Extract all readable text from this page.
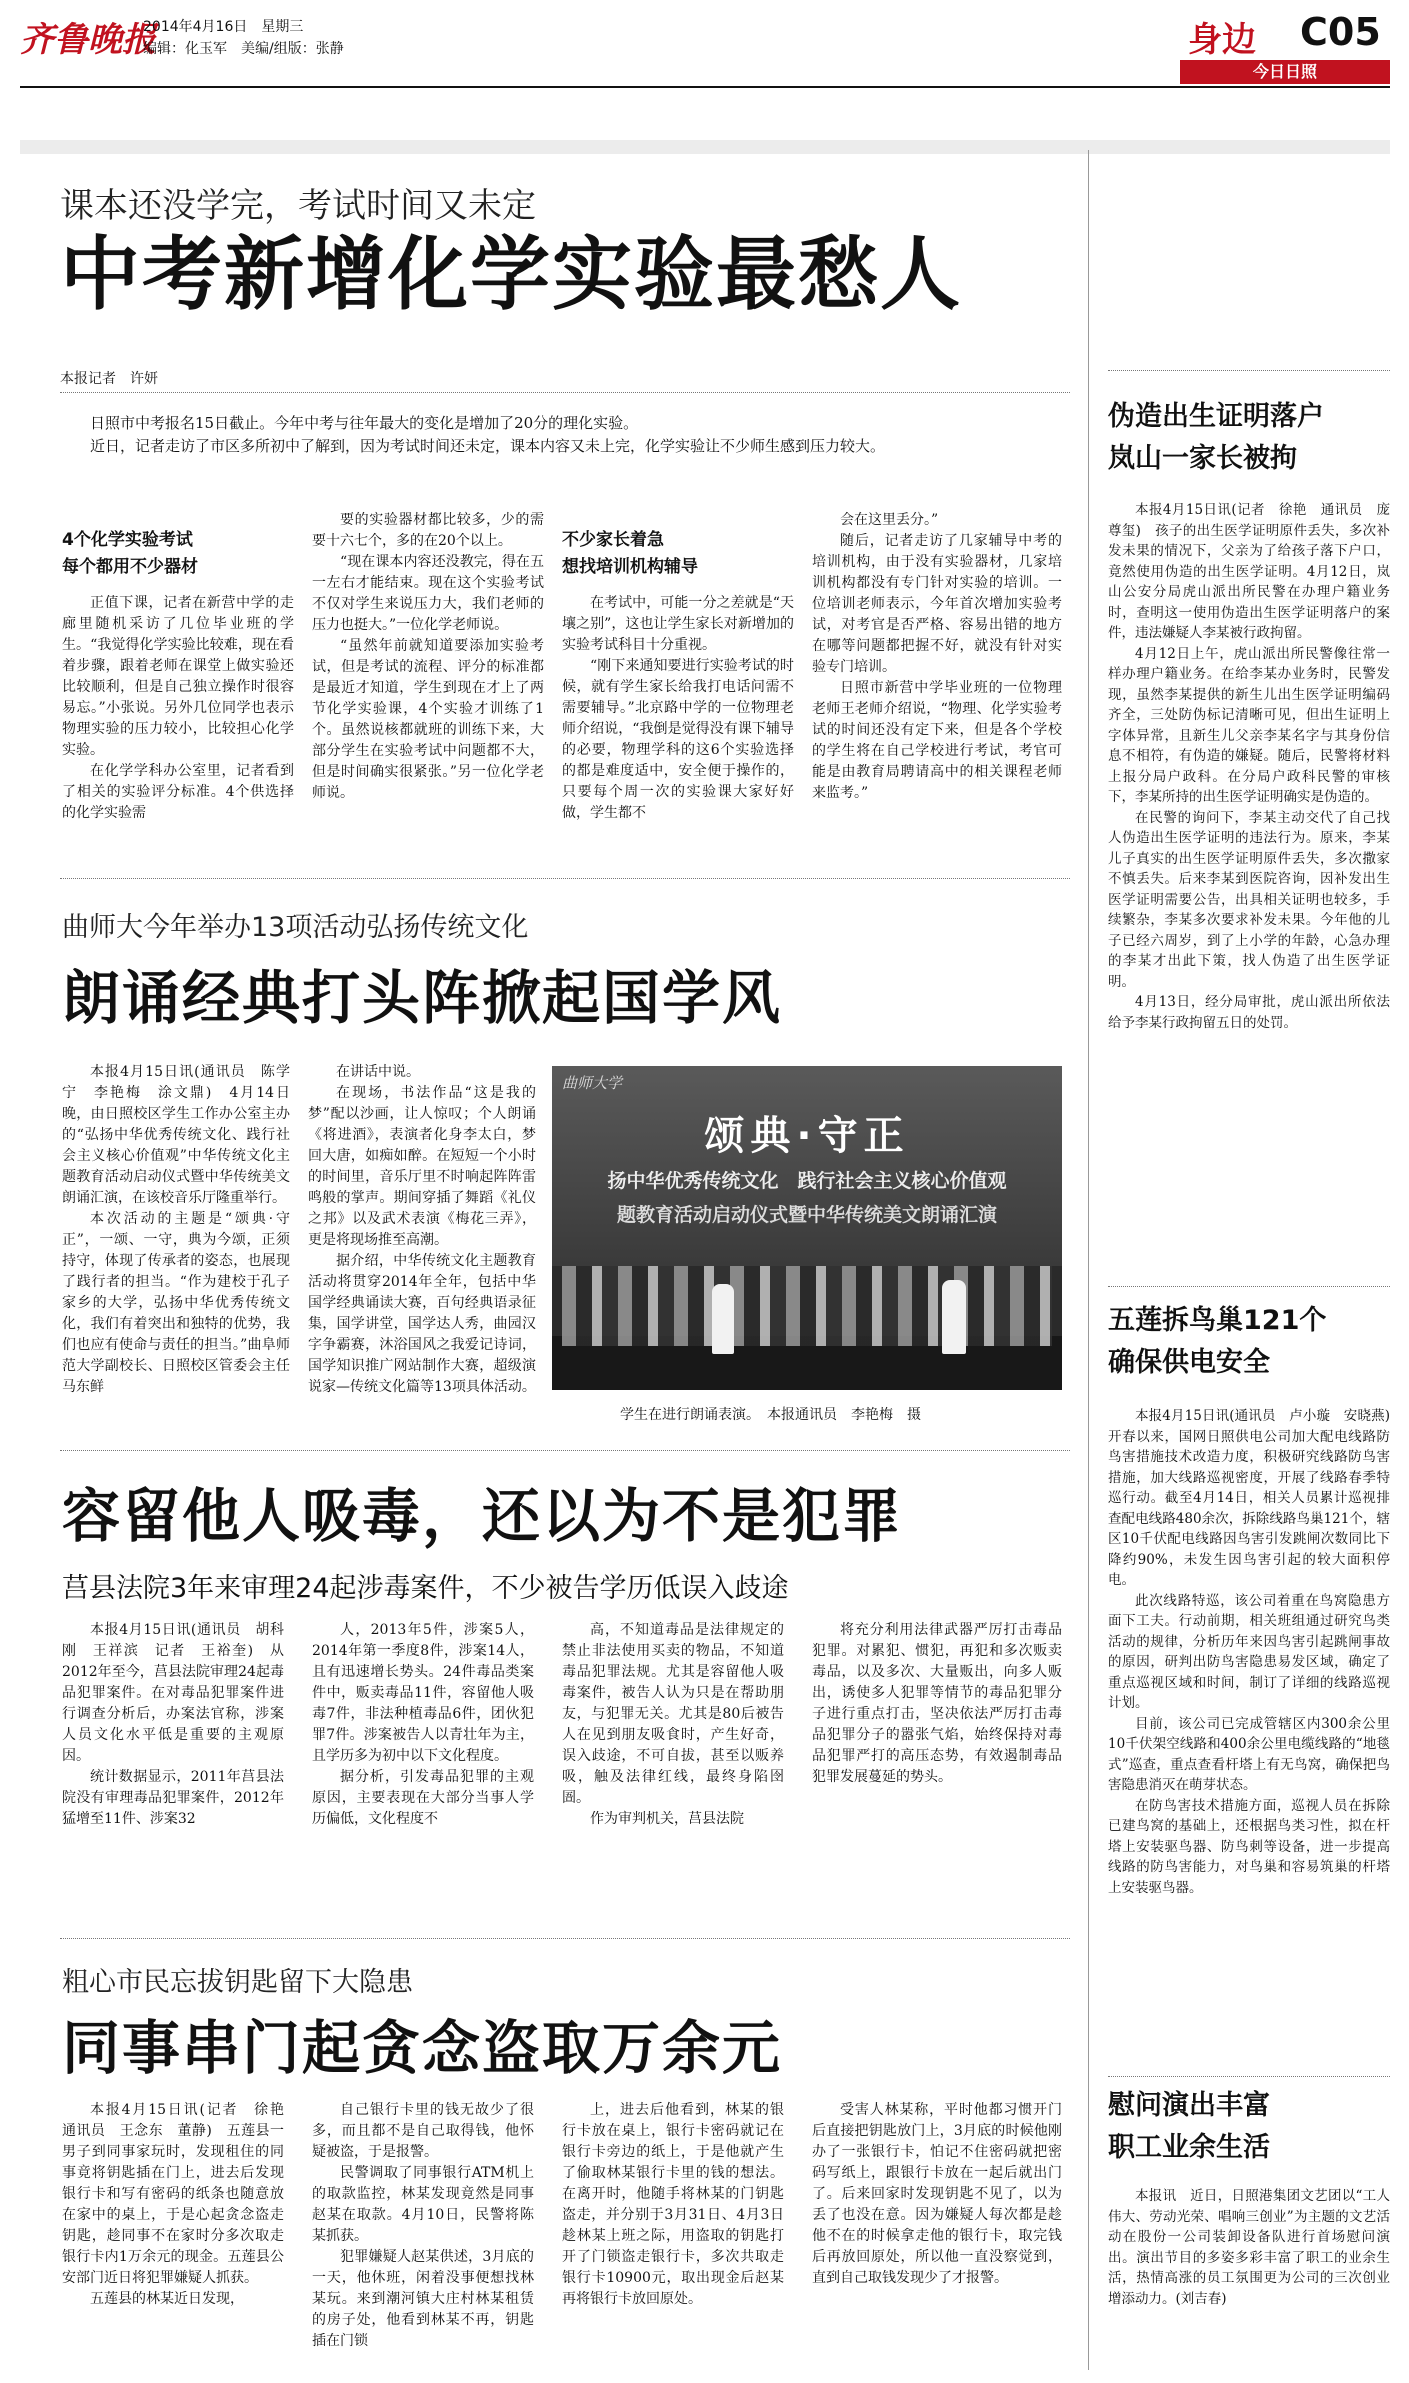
齐鲁晚报
2014年4月16日　星期三
编辑：化玉军　美编/组版：张静	身边 C05
今日日照
课本还没学完，考试时间又未定
中考新增化学实验最愁人
本报记者　许妍

日照市中考报名15日截止。今年中考与往年最大的变化是增加了20分的理化实验。

近日，记者走访了市区多所初中了解到，因为考试时间还未定，课本内容又未上完，化学实验让不少师生感到压力较大。

4个化学实验考试
每个都用不少器材

正值下课，记者在新营中学的走廊里随机采访了几位毕业班的学生。“我觉得化学实验比较难，现在看着步骤，跟着老师在课堂上做实验还比较顺利，但是自己独立操作时很容易忘。”小张说。另外几位同学也表示物理实验的压力较小，比较担心化学实验。

在化学学科办公室里，记者看到了相关的实验评分标准。4个供选择的化学实验需

要的实验器材都比较多，少的需要十六七个，多的在20个以上。

“现在课本内容还没教完，得在五一左右才能结束。现在这个实验考试不仅对学生来说压力大，我们老师的压力也挺大。”一位化学老师说。

“虽然年前就知道要添加实验考试，但是考试的流程、评分的标准都是最近才知道，学生到现在才上了两节化学实验课，4个实验才训练了1个。虽然说核都就班的训练下来，大部分学生在实验考试中问题都不大，但是时间确实很紧张。”另一位化学老师说。

不少家长着急
想找培训机构辅导

在考试中，可能一分之差就是“天壤之别”，这也让学生家长对新增加的实验考试科目十分重视。

“刚下来通知要进行实验考试的时候，就有学生家长给我打电话问需不需要辅导。”北京路中学的一位物理老师介绍说，“我倒是觉得没有课下辅导的必要，物理学科的这6个实验选择的都是难度适中，安全便于操作的，只要每个周一次的实验课大家好好做，学生都不

会在这里丢分。”

随后，记者走访了几家辅导中考的培训机构，由于没有实验器材，几家培训机构都没有专门针对实验的培训。一位培训老师表示，今年首次增加实验考试，对考官是否严格、容易出错的地方在哪等问题都把握不好，就没有针对实验专门培训。

日照市新营中学毕业班的一位物理老师王老师介绍说，“物理、化学实验考试的时间还没有定下来，但是各个学校的学生将在自己学校进行考试，考官可能是由教育局聘请高中的相关课程老师来监考。”

曲师大今年举办13项活动弘扬传统文化
朗诵经典打头阵掀起国学风

本报4月15日讯(通讯员　陈学宁　李艳梅　涂文鼎)　4月14日晚，由日照校区学生工作办公室主办的“弘扬中华优秀传统文化、践行社会主义核心价值观”中华传统文化主题教育活动启动仪式暨中华传统美文朗诵汇演，在该校音乐厅隆重举行。

本次活动的主题是“颂典·守正”，一颂、一守，典为今颂，正须持守，体现了传承者的姿态，也展现了践行者的担当。“作为建校于孔子家乡的大学，弘扬中华优秀传统文化，我们有着突出和独特的优势，我们也应有使命与责任的担当。”曲阜师范大学副校长、日照校区管委会主任马东鲜

在讲话中说。

在现场，书法作品“这是我的梦”配以沙画，让人惊叹；个人朗诵《将进酒》，表演者化身李太白，梦回大唐，如痴如醉。在短短一个小时的时间里，音乐厅里不时响起阵阵雷鸣般的掌声。期间穿插了舞蹈《礼仪之邦》以及武术表演《梅花三弄》，更是将现场推至高潮。

据介绍，中华传统文化主题教育活动将贯穿2014年全年，包括中华国学经典诵读大赛，百句经典语录征集，国学讲堂，国学达人秀，曲园汉字争霸赛，沐浴国风之我爱记诗词，国学知识推广网站制作大赛，超级演说家—传统文化篇等13项具体活动。

曲师大学
颂典·守正
扬中华优秀传统文化　践行社会主义核心价值观
题教育活动启动仪式暨中华传统美文朗诵汇演
学生在进行朗诵表演。　本报通讯员　李艳梅　摄
容留他人吸毒，还以为不是犯罪
莒县法院3年来审理24起涉毒案件，不少被告学历低误入歧途

本报4月15日讯(通讯员　胡科刚　王祥滨　记者　王裕奎)　从2012年至今，莒县法院审理24起毒品犯罪案件。在对毒品犯罪案件进行调查分析后，办案法官称，涉案人员文化水平低是重要的主观原因。

统计数据显示，2011年莒县法院没有审理毒品犯罪案件，2012年猛增至11件、涉案32

人，2013年5件，涉案5人，2014年第一季度8件，涉案14人，且有迅速增长势头。24件毒品类案件中，贩卖毒品11件，容留他人吸毒7件，非法种植毒品6件，团伙犯罪7件。涉案被告人以青壮年为主，且学历多为初中以下文化程度。

据分析，引发毒品犯罪的主观原因，主要表现在大部分当事人学历偏低，文化程度不

高，不知道毒品是法律规定的禁止非法使用买卖的物品，不知道毒品犯罪法规。尤其是容留他人吸毒案件，被告人认为只是在帮助朋友，与犯罪无关。尤其是80后被告人在见到朋友吸食时，产生好奇，误入歧途，不可自拔，甚至以贩养吸，触及法律红线，最终身陷囹圄。

作为审判机关，莒县法院

将充分利用法律武器严厉打击毒品犯罪。对累犯、惯犯，再犯和多次贩卖毒品，以及多次、大量贩出，向多人贩出，诱使多人犯罪等情节的毒品犯罪分子进行重点打击，坚决依法严厉打击毒品犯罪分子的嚣张气焰，始终保持对毒品犯罪严打的高压态势，有效遏制毒品犯罪发展蔓延的势头。

粗心市民忘拔钥匙留下大隐患
同事串门起贪念盗取万余元

本报4月15日讯(记者　徐艳　通讯员　王念东　董静)　五莲县一男子到同事家玩时，发现租住的同事竟将钥匙插在门上，进去后发现银行卡和写有密码的纸条也随意放在家中的桌上，于是心起贪念盗走钥匙，趁同事不在家时分多次取走银行卡内1万余元的现金。五莲县公安部门近日将犯罪嫌疑人抓获。

五莲县的林某近日发现，

自己银行卡里的钱无故少了很多，而且都不是自己取得钱，他怀疑被盗，于是报警。

民警调取了同事银行ATM机上的取款监控，林某发现竟然是同事赵某在取款。4月10日，民警将陈某抓获。

犯罪嫌疑人赵某供述，3月底的一天，他休班，闲着没事便想找林某玩。来到潮河镇大庄村林某租赁的房子处，他看到林某不再，钥匙插在门锁

上，进去后他看到，林某的银行卡放在桌上，银行卡密码就记在银行卡旁边的纸上，于是他就产生了偷取林某银行卡里的钱的想法。在离开时，他随手将林某的门钥匙盗走，并分别于3月31日、4月3日趁林某上班之际，用盗取的钥匙打开了门锁盗走银行卡，多次共取走银行卡10900元，取出现金后赵某再将银行卡放回原处。

受害人林某称，平时他都习惯开门后直接把钥匙放门上，3月底的时候他刚办了一张银行卡，怕记不住密码就把密码写纸上，跟银行卡放在一起后就出门了。后来回家时发现钥匙不见了，以为丢了也没在意。因为嫌疑人每次都是趁他不在的时候拿走他的银行卡，取完钱后再放回原处，所以他一直没察觉到，直到自己取钱发现少了才报警。

伪造出生证明落户
岚山一家长被拘

本报4月15日讯(记者　徐艳　通讯员　庞尊玺)　孩子的出生医学证明原件丢失，多次补发未果的情况下，父亲为了给孩子落下户口，竟然使用伪造的出生医学证明。4月12日，岚山公安分局虎山派出所民警在办理户籍业务时，查明这一使用伪造出生医学证明落户的案件，违法嫌疑人李某被行政拘留。

4月12日上午，虎山派出所民警像往常一样办理户籍业务。在给李某办业务时，民警发现，虽然李某提供的新生儿出生医学证明编码齐全，三处防伪标记清晰可见，但出生证明上字体异常，且新生儿父亲李某名字与其身份信息不相符，有伪造的嫌疑。随后，民警将材料上报分局户政科。在分局户政科民警的审核下，李某所持的出生医学证明确实是伪造的。

在民警的询问下，李某主动交代了自己找人伪造出生医学证明的违法行为。原来，李某儿子真实的出生医学证明原件丢失，多次撒家不慎丢失。后来李某到医院咨询，因补发出生医学证明需要公告，出具相关证明也较多，手续繁杂，李某多次要求补发未果。今年他的儿子已经六周岁，到了上小学的年龄，心急办理的李某才出此下策，找人伪造了出生医学证明。

4月13日，经分局审批，虎山派出所依法给予李某行政拘留五日的处罚。

五莲拆鸟巢121个
确保供电安全

本报4月15日讯(通讯员　卢小璇　安晓燕)　开春以来，国网日照供电公司加大配电线路防鸟害措施技术改造力度，积极研究线路防鸟害措施，加大线路巡视密度，开展了线路春季特巡行动。截至4月14日，相关人员累计巡视排查配电线路480余次，拆除线路鸟巢121个，辖区10千伏配电线路因鸟害引发跳闸次数同比下降约90%，未发生因鸟害引起的较大面积停电。

此次线路特巡，该公司着重在鸟窝隐患方面下工夫。行动前期，相关班组通过研究鸟类活动的规律，分析历年来因鸟害引起跳闸事故的原因，研判出防鸟害隐患易发区域，确定了重点巡视区域和时间，制订了详细的线路巡视计划。

目前，该公司已完成管辖区内300余公里10千伏架空线路和400余公里电缆线路的“地毯式”巡查，重点查看杆塔上有无鸟窝，确保把鸟害隐患消灭在萌芽状态。

在防鸟害技术措施方面，巡视人员在拆除已建鸟窝的基础上，还根据鸟类习性，拟在杆塔上安装驱鸟器、防鸟刺等设备，进一步提高线路的防鸟害能力，对鸟巢和容易筑巢的杆塔上安装驱鸟器。

慰问演出丰富
职工业余生活

本报讯　近日，日照港集团文艺团以“工人伟大、劳动光荣、唱响三创业”为主题的文艺活动在股份一公司装卸设备队进行首场慰问演出。演出节目的多姿多彩丰富了职工的业余生活，热情高涨的员工氛围更为公司的三次创业增添动力。(刘吉春)
